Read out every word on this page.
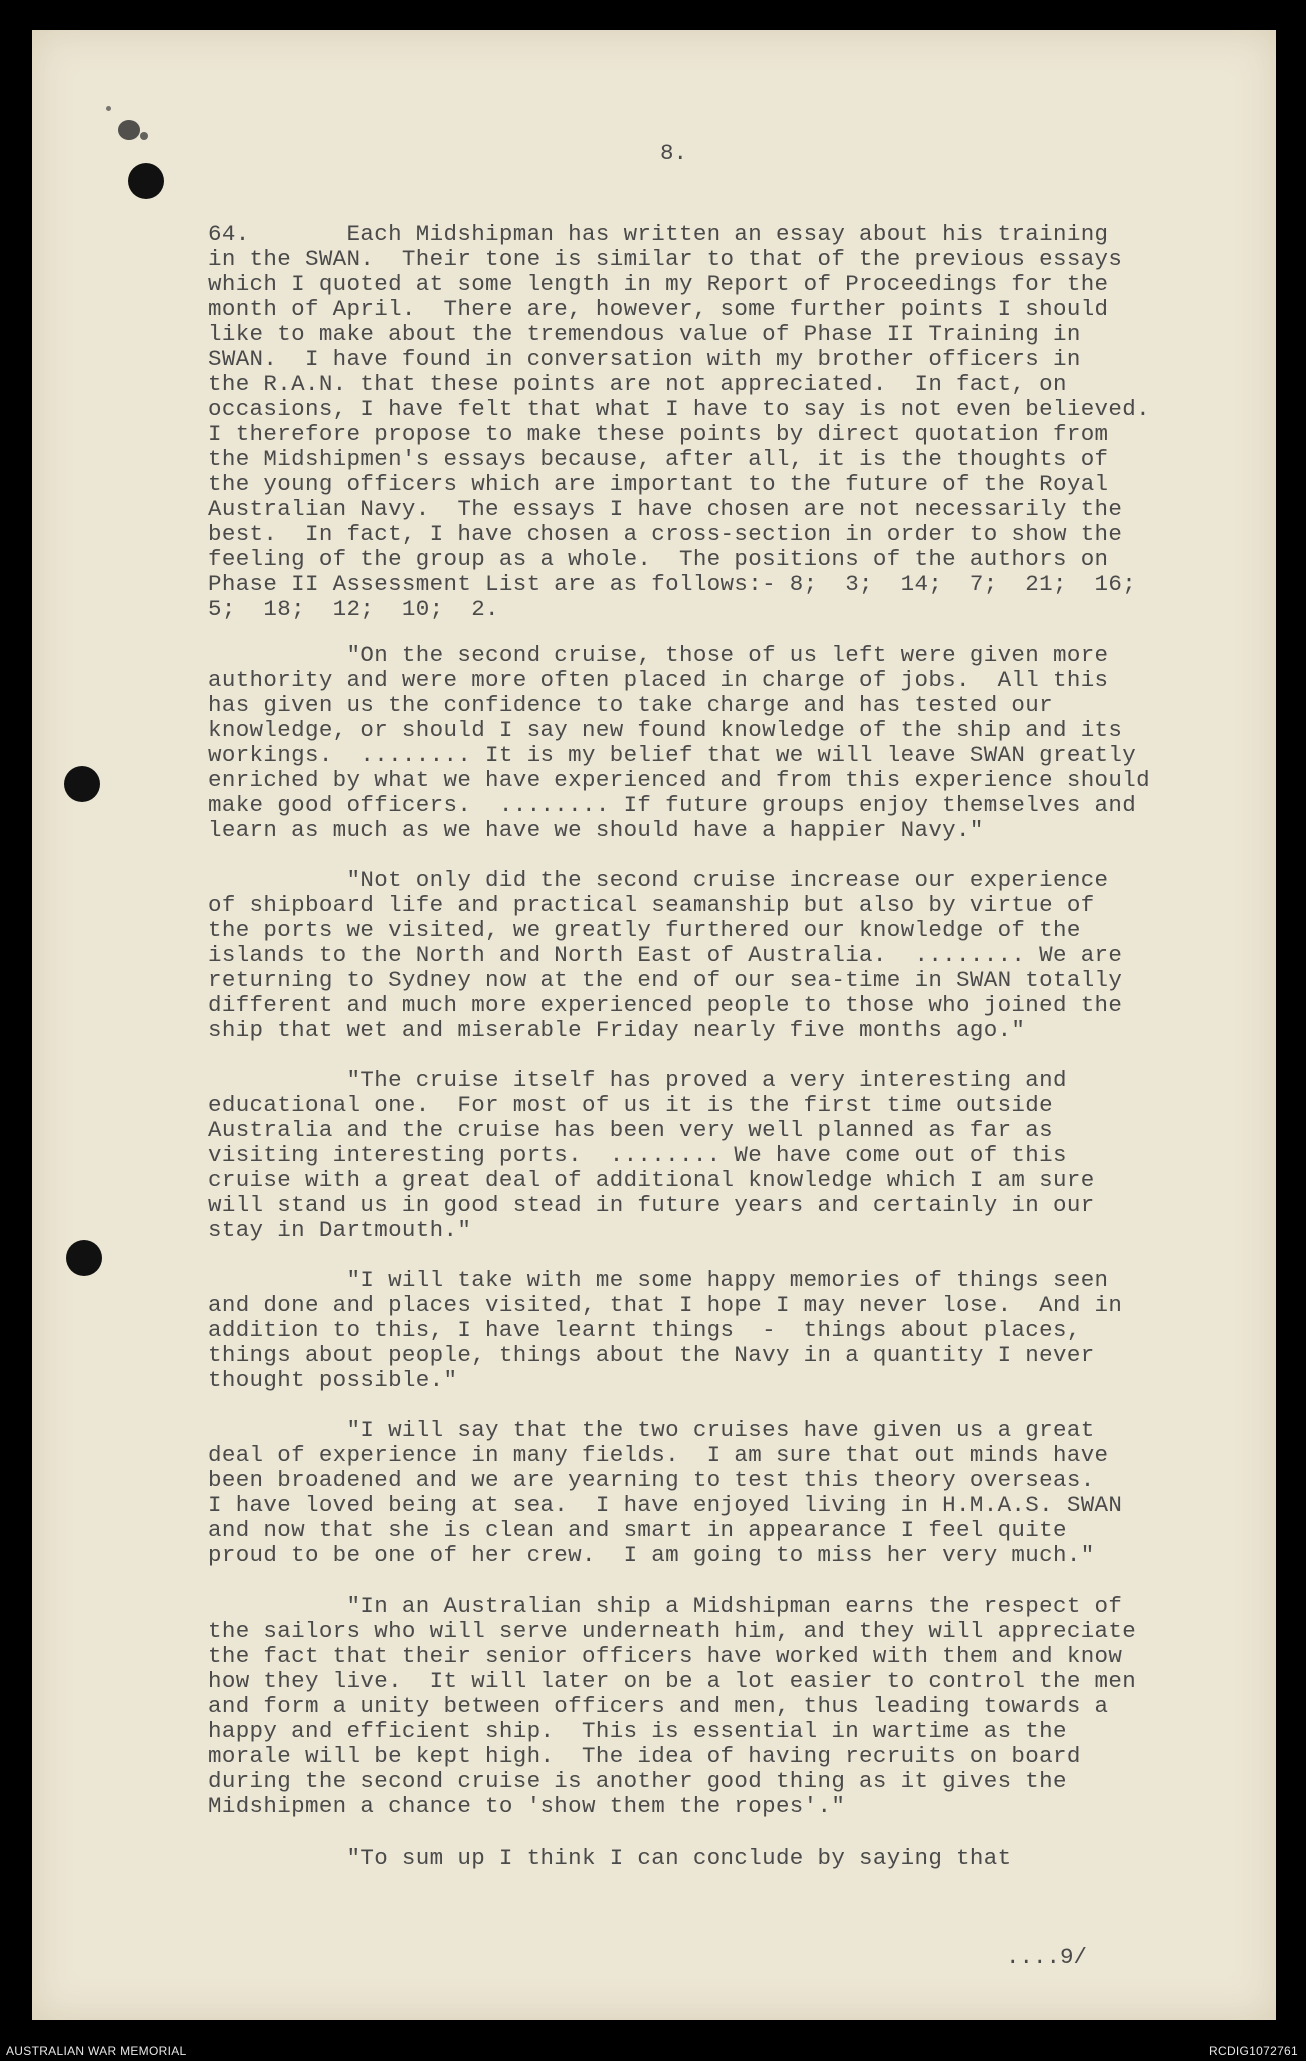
8.
64.       Each Midshipman has written an essay about his training
in the SWAN.  Their tone is similar to that of the previous essays
which I quoted at some length in my Report of Proceedings for the
month of April.  There are, however, some further points I should
like to make about the tremendous value of Phase II Training in
SWAN.  I have found in conversation with my brother officers in
the R.A.N. that these points are not appreciated.  In fact, on
occasions, I have felt that what I have to say is not even believed.
I therefore propose to make these points by direct quotation from
the Midshipmen's essays because, after all, it is the thoughts of
the young officers which are important to the future of the Royal
Australian Navy.  The essays I have chosen are not necessarily the
best.  In fact, I have chosen a cross-section in order to show the
feeling of the group as a whole.  The positions of the authors on
Phase II Assessment List are as follows:- 8;  3;  14;  7;  21;  16;
5;  18;  12;  10;  2.
"On the second cruise, those of us left were given more
authority and were more often placed in charge of jobs.  All this
has given us the confidence to take charge and has tested our
knowledge, or should I say new found knowledge of the ship and its
workings.  ........ It is my belief that we will leave SWAN greatly
enriched by what we have experienced and from this experience should
make good officers.  ........ If future groups enjoy themselves and
learn as much as we have we should have a happier Navy."
"Not only did the second cruise increase our experience
of shipboard life and practical seamanship but also by virtue of
the ports we visited, we greatly furthered our knowledge of the
islands to the North and North East of Australia.  ........ We are
returning to Sydney now at the end of our sea-time in SWAN totally
different and much more experienced people to those who joined the
ship that wet and miserable Friday nearly five months ago."
"The cruise itself has proved a very interesting and
educational one.  For most of us it is the first time outside
Australia and the cruise has been very well planned as far as
visiting interesting ports.  ........ We have come out of this
cruise with a great deal of additional knowledge which I am sure
will stand us in good stead in future years and certainly in our
stay in Dartmouth."
"I will take with me some happy memories of things seen
and done and places visited, that I hope I may never lose.  And in
addition to this, I have learnt things  -  things about places,
things about people, things about the Navy in a quantity I never
thought possible."
"I will say that the two cruises have given us a great
deal of experience in many fields.  I am sure that out minds have
been broadened and we are yearning to test this theory overseas.
I have loved being at sea.  I have enjoyed living in H.M.A.S. SWAN
and now that she is clean and smart in appearance I feel quite
proud to be one of her crew.  I am going to miss her very much."
"In an Australian ship a Midshipman earns the respect of
the sailors who will serve underneath him, and they will appreciate
the fact that their senior officers have worked with them and know
how they live.  It will later on be a lot easier to control the men
and form a unity between officers and men, thus leading towards a
happy and efficient ship.  This is essential in wartime as the
morale will be kept high.  The idea of having recruits on board
during the second cruise is another good thing as it gives the
Midshipmen a chance to 'show them the ropes'."
"To sum up I think I can conclude by saying that
....9/
AUSTRALIAN WAR MEMORIAL	RCDIG1072761
